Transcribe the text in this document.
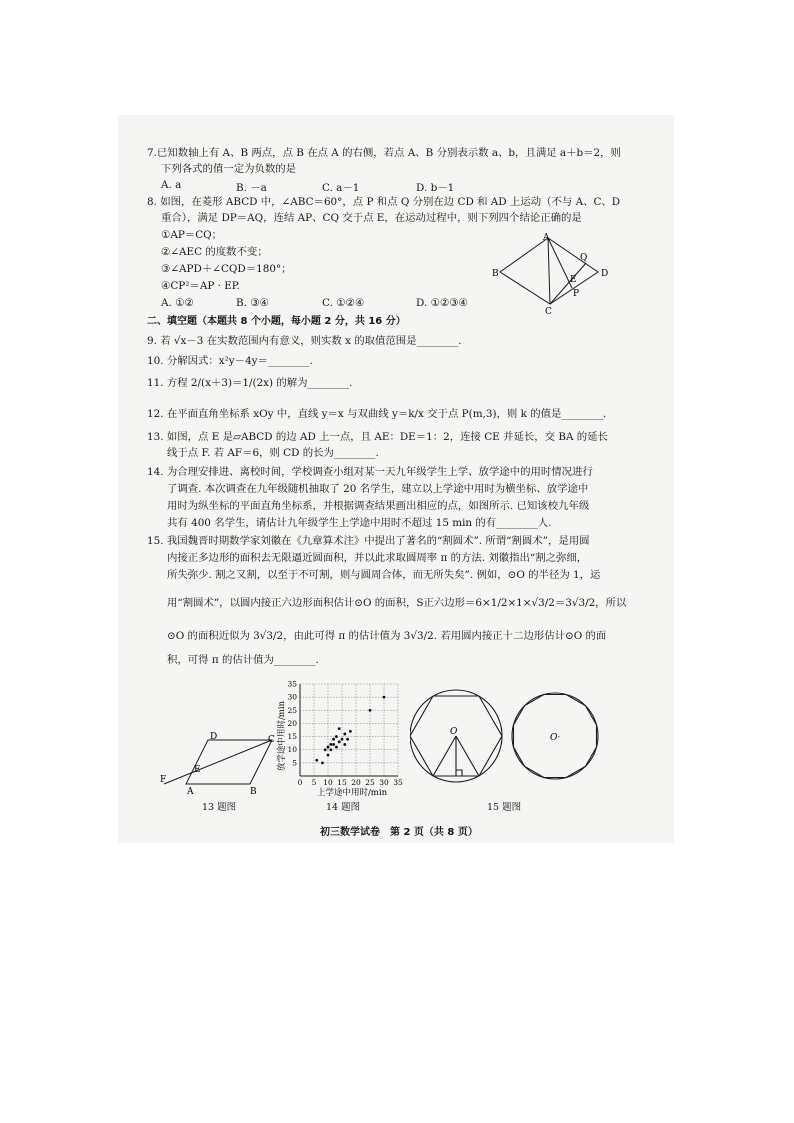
7.已知数轴上有 A、B 两点，点 B 在点 A 的右侧，若点 A、B 分别表示数 a、b，且满足 a＋b＝2，则
下列各式的值一定为负数的是
A. a	B. －a	C. a－1	D. b－1
8. 如图，在菱形 ABCD 中，∠ABC＝60°，点 P 和点 Q 分别在边 CD 和 AD 上运动（不与 A、C、D
重合），满足 DP＝AQ，连结 AP、CQ 交于点 E，在运动过程中，则下列四个结论正确的是
①AP＝CQ；
②∠AEC 的度数不变；
③∠APD＋∠CQD＝180°；
④CP²＝AP · EP.
A. ①②	B. ③④	C. ①②④	D. ①②③④
A
B
C
D
Q
E
P
二、填空题（本题共 8 个小题，每小题 2 分，共 16 分）
9. 若 √x－3 在实数范围内有意义，则实数 x 的取值范围是________.
10. 分解因式：x²y－4y＝________.
11. 方程 2/(x＋3)＝1/(2x) 的解为________.
12. 在平面直角坐标系 xOy 中，直线 y＝x 与双曲线 y＝k/x 交于点 P(m,3)，则 k 的值是________.
13. 如图，点 E 是▱ABCD 的边 AD 上一点，且 AE：DE＝1：2，连接 CE 并延长，交 BA 的延长
线于点 F. 若 AF＝6，则 CD 的长为________.
14. 为合理安排进、离校时间，学校调查小组对某一天九年级学生上学、放学途中的用时情况进行
了调查. 本次调查在九年级随机抽取了 20 名学生，建立以上学途中用时为横坐标、放学途中
用时为纵坐标的平面直角坐标系，并根据调查结果画出相应的点，如图所示. 已知该校九年级
共有 400 名学生，请估计九年级学生上学途中用时不超过 15 min 的有________人.
15. 我国魏晋时期数学家刘徽在《九章算术注》中提出了著名的“割圆术”. 所谓“割圆术”，是用圆
内接正多边形的面积去无限逼近圆面积，并以此求取圆周率 π 的方法. 刘徽指出“割之弥细，
所失弥少. 割之又割，以至于不可割，则与圆周合体，而无所失矣”. 例如，⊙O 的半径为 1，运
用“割圆术”，以圆内接正六边形面积估计⊙O 的面积，S正六边形＝6×1/2×1×√3/2＝3√3/2，所以
⊙O 的面积近似为 3√3/2，由此可得 π 的估计值为 3√3/2. 若用圆内接正十二边形估计⊙O 的面
积，可得 π 的估计值为________.
D	C
E
F
A	B
13 题图
0 5
5
10
10
15
15
20
20
25
25
30
30
35
35
放学途中用时/min
上学途中用时/min
14 题图
O
O·
15 题图
初三数学试卷　第 2 页（共 8 页）
